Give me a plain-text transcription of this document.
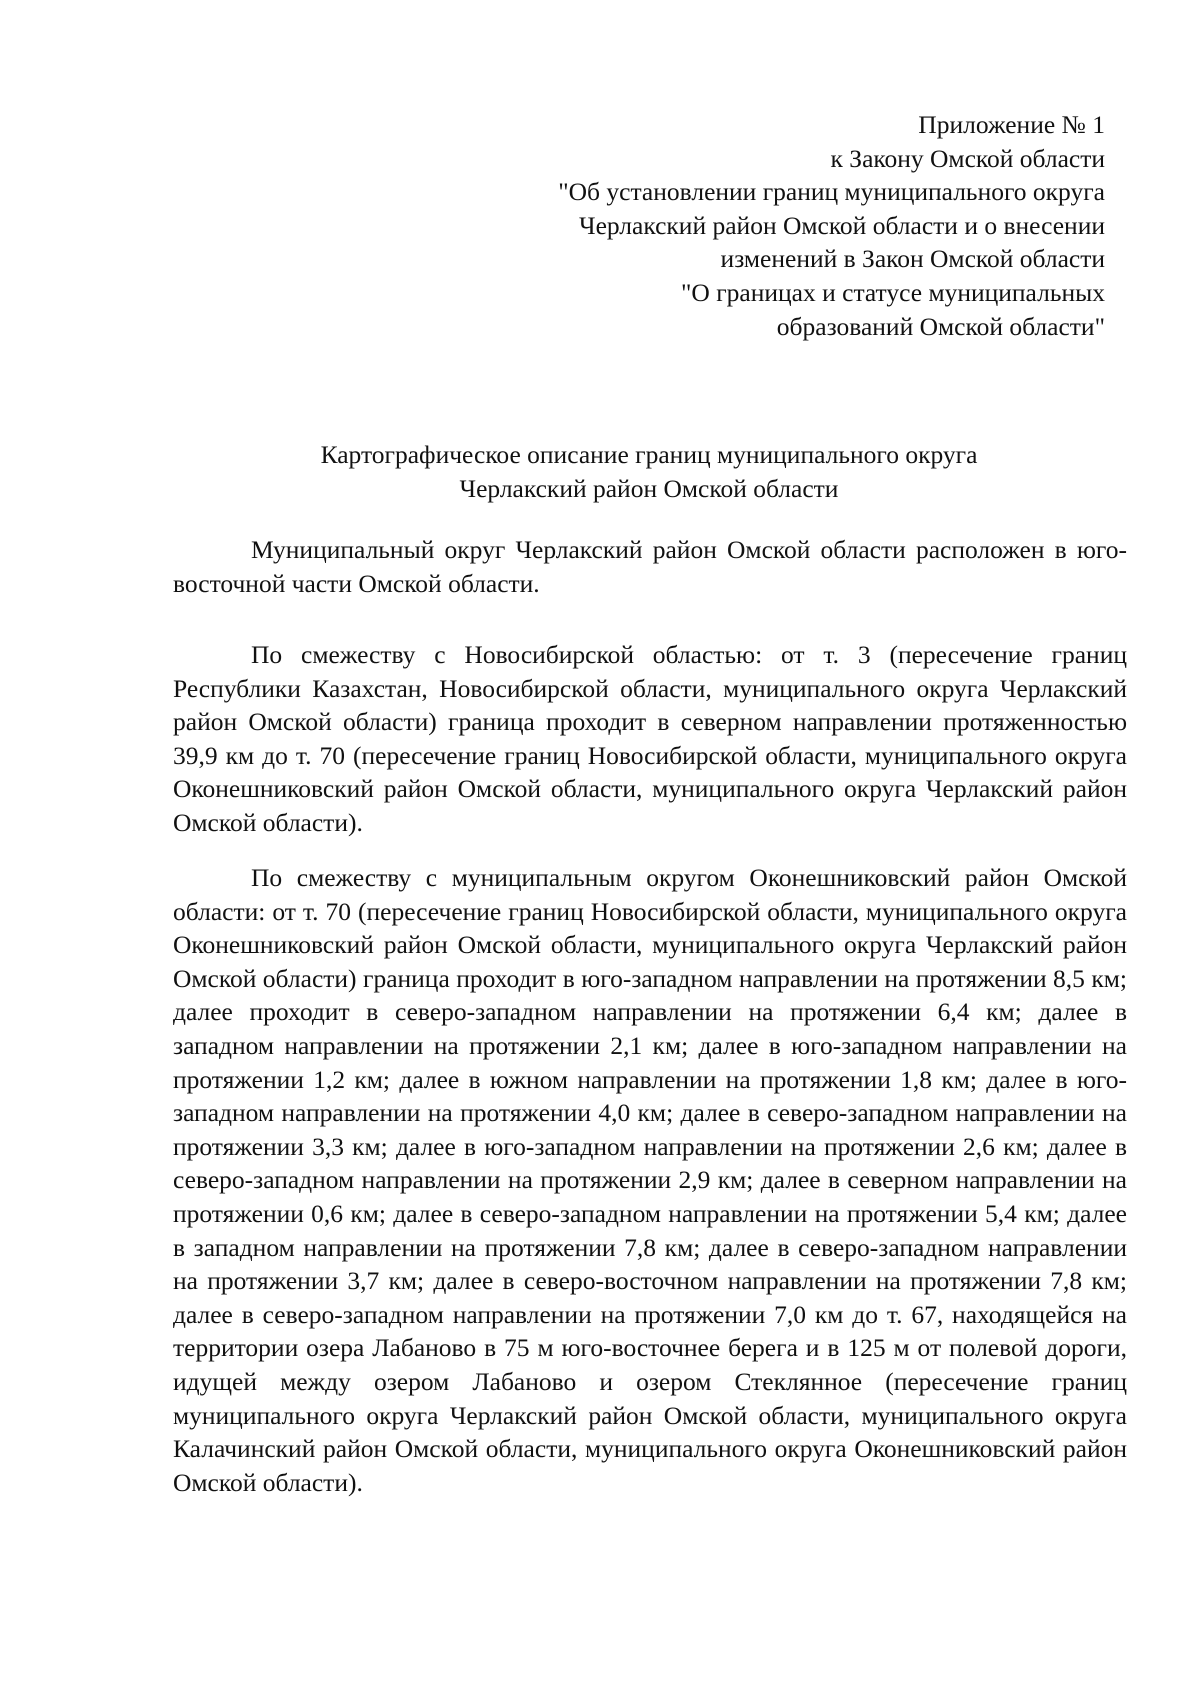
Приложение № 1
к Закону Омской области
"Об установлении границ муниципального округа
Черлакский район Омской области и о внесении
изменений в Закон Омской области
"О границах и статусе муниципальных
образований Омской области"
Картографическое описание границ муниципального округа
Черлакский район Омской области

Муниципальный округ Черлакский район Омской области расположен в юго-восточной части Омской области.

По смежеству с Новосибирской областью: от т. 3 (пересечение границ Республики Казахстан, Новосибирской области, муниципального округа Черлакский район Омской области) граница проходит в северном направлении протяженностью 39,9 км до т. 70 (пересечение границ Новосибирской области, муниципального округа Оконешниковский район Омской области, муниципального округа Черлакский район Омской области).

По смежеству с муниципальным округом Оконешниковский район Омской области: от т. 70 (пересечение границ Новосибирской области, муниципального округа Оконешниковский район Омской области, муниципального округа Черлакский район Омской области) граница проходит в юго-западном направлении на протяжении 8,5 км; далее проходит в северо-западном направлении на протяжении 6,4 км; далее в западном направлении на протяжении 2,1 км; далее в юго-западном направлении на протяжении 1,2 км; далее в южном направлении на протяжении 1,8 км; далее в юго-западном направлении на протяжении 4,0 км; далее в северо-западном направлении на протяжении 3,3 км; далее в юго-западном направлении на протяжении 2,6 км; далее в северо-западном направлении на протяжении 2,9 км; далее в северном направлении на протяжении 0,6 км; далее в северо-западном направлении на протяжении 5,4 км; далее в западном направлении на протяжении 7,8 км; далее в северо-западном направлении на протяжении 3,7 км; далее в северо-восточном направлении на протяжении 7,8 км; далее в северо-западном направлении на протяжении 7,0 км до т. 67, находящейся на территории озера Лабаново в 75 м юго-восточнее берега и в 125 м от полевой дороги, идущей между озером Лабаново и озером Стеклянное (пересечение границ муниципального округа Черлакский район Омской области, муниципального округа Калачинский район Омской области, муниципального округа Оконешниковский район Омской области).
